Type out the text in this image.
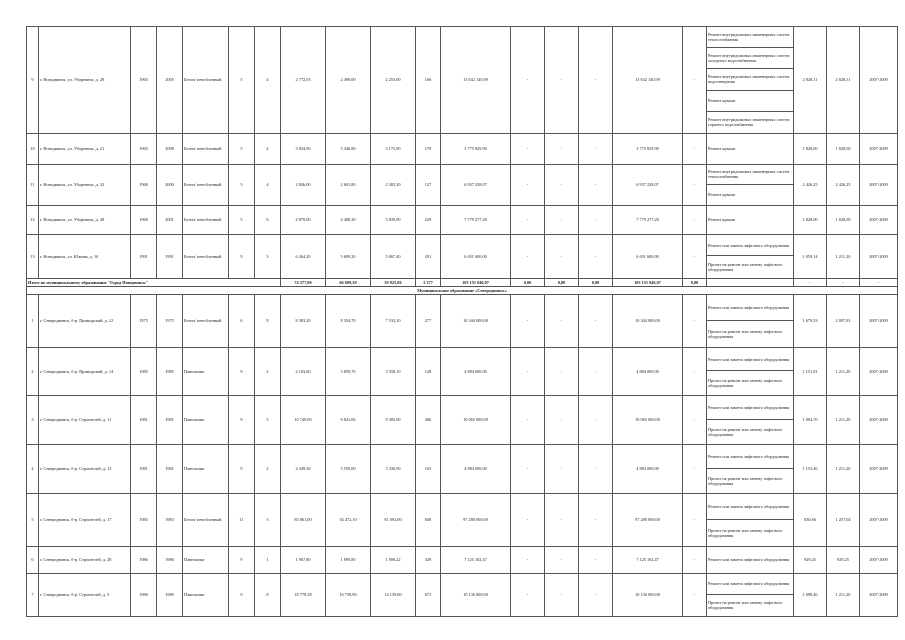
9	г. Новодвинск, ул. Уборевича, д. 28	1965	2005	Бетон/ пеноблочный	5	4	2 772,03	2 499,00	2 253,00	166	13 632 140,99	-	-	-	13 632 140,99	-	Ремонт внутридомовых инженерных систем теплоснабжения
Ремонт внутридомовых инженерных систем холодного водоснабжения
Ремонт внутридомовых инженерных систем водоотведения
Ремонт крыши
Ремонт внутридомовых инженерных систем горячего водоснабжения	2 828,11	2 828,11	2007-2009
10	г. Новодвинск, ул. Уборевича, д. 21	1965	2008	Бетон/ пеноблочный	5	4	3 834,90	3 346,80	3 175,80	170	3 775 829,90	-	-	-	3 775 829,90	-	Ремонт крыши	1 828,00	1 828,00	2007-2009
11	г. Новодвинск, ул. Уборевича, д. 32	1968	2009	Бетон/ пеноблочный	5	4	2 846,00	2 601,80	2 383,20	127	6 937 228,07	-	-	-	6 937 228,07	-	Ремонт внутридомовых инженерных систем теплоснабжения
Ремонт крыши	2 426,25	2 426,25	2007-2009
12	г. Новодвинск, ул. Уборевича, д. 48	1968	2001	Бетон/ пеноблочный	5	6	4 870,00	4 408,30	3 839,90	229	7 779 277,28	-	-	-	7 779 277,28	-	Ремонт крыши	1 828,00	1 828,00	2007-2009
13	г. Новодвинск, ул. Южная, д. 10	1991	1991	Бетон/ пеноблочный	9	3	6 264,20	5 609,20	5 067,40	291	6 651 600,00	-	-	-	6 651 600,00	-	Ремонт или замена лифтового оборудования
Проект на ремонт или замену лифтового оборудования	1 059,14	1 211,20	2007-2009
Итого по муниципальному образованию "Город Новодвинск"							74 377,00	66 699,30	59 825,86	3 377	103 151 046,07	0,00	0,00	0,00	103 151 046,07	0,00		-	-	-
Муниципальное образование «Северодвинск»																				
1	г. Северодвинск, б-р. Приморский, д. 12	1975	1975	Бетон/ пеноблочный	6	8	8 383,20	8 354,70	7 533,10	277	10 344 000,00	-	-	-	10 344 000,00	-	Ремонт или замена лифтового оборудования
Проект на ремонт или замену лифтового оборудования	1 679,53	2 097,81	2007-2009
2	г. Северодвинск, б-р. Приморский, д. 14	1985	1985	Панельные	9	2	4 103,60	3 859,70	3 558,10	128	4 884 000,00	-	-	-	4 884 000,00	-	Ремонт или замена лифтового оборудования
Проект на ремонт или замену лифтового оборудования	1 151,81	1 211,20	2007-2009
3	г. Северодвинск, б-р. Строителей, д. 11	1981	1981	Панельные	9	5	10 740,00	9 841,06	9 305,00	406	10 065 000,00	-	-	-	10 065 000,00	-	Ремонт или замена лифтового оборудования
Проект на ремонт или замену лифтового оборудования	1 004,70	1 211,20	2007-2009
4	г. Северодвинск, б-р. Строителей, д. 13	1981	1981	Панельные	9	2	4 349,30	3 559,00	3 336,90	163	4 884 000,00	-	-	-	4 884 000,00	-	Ремонт или замена лифтового оборудования
Проект на ремонт или замену лифтового оборудования	1 153,46	1 211,20	2007-2009
5	г. Северодвинск, б-р. Строителей, д. 17	1983	1983	Бетон/ пеноблочный	11	3	85 861,00	34 472,10	81 092,00	848	97 280 000,00	-	-	-	97 280 000,00	-	Ремонт или замена лифтового оборудования
Проект на ремонт или замену лифтового оборудования	830,66	1 257,04	2007-2009
6	г. Северодвинск, б-р. Строителей, д. 28	1986	1986	Панельные	9	1	1 967,80	1 899,80	1 906,22	329	7 125 102,47	-	-	-	7 125 102,47	-	Ремонт или замена лифтового оборудования	929,25	929,25	2007-2009
7	г. Северодвинск, б-р. Строителей, д. 5	1980	1980	Панельные	9	8	18 778,38	16 739,90	14 139,80	673	10 136 000,00	-	-	-	10 136 000,00	-	Ремонт или замена лифтового оборудования
Проект на ремонт или замену лифтового оборудования	1 098,46	1 211,20	2007-2009
